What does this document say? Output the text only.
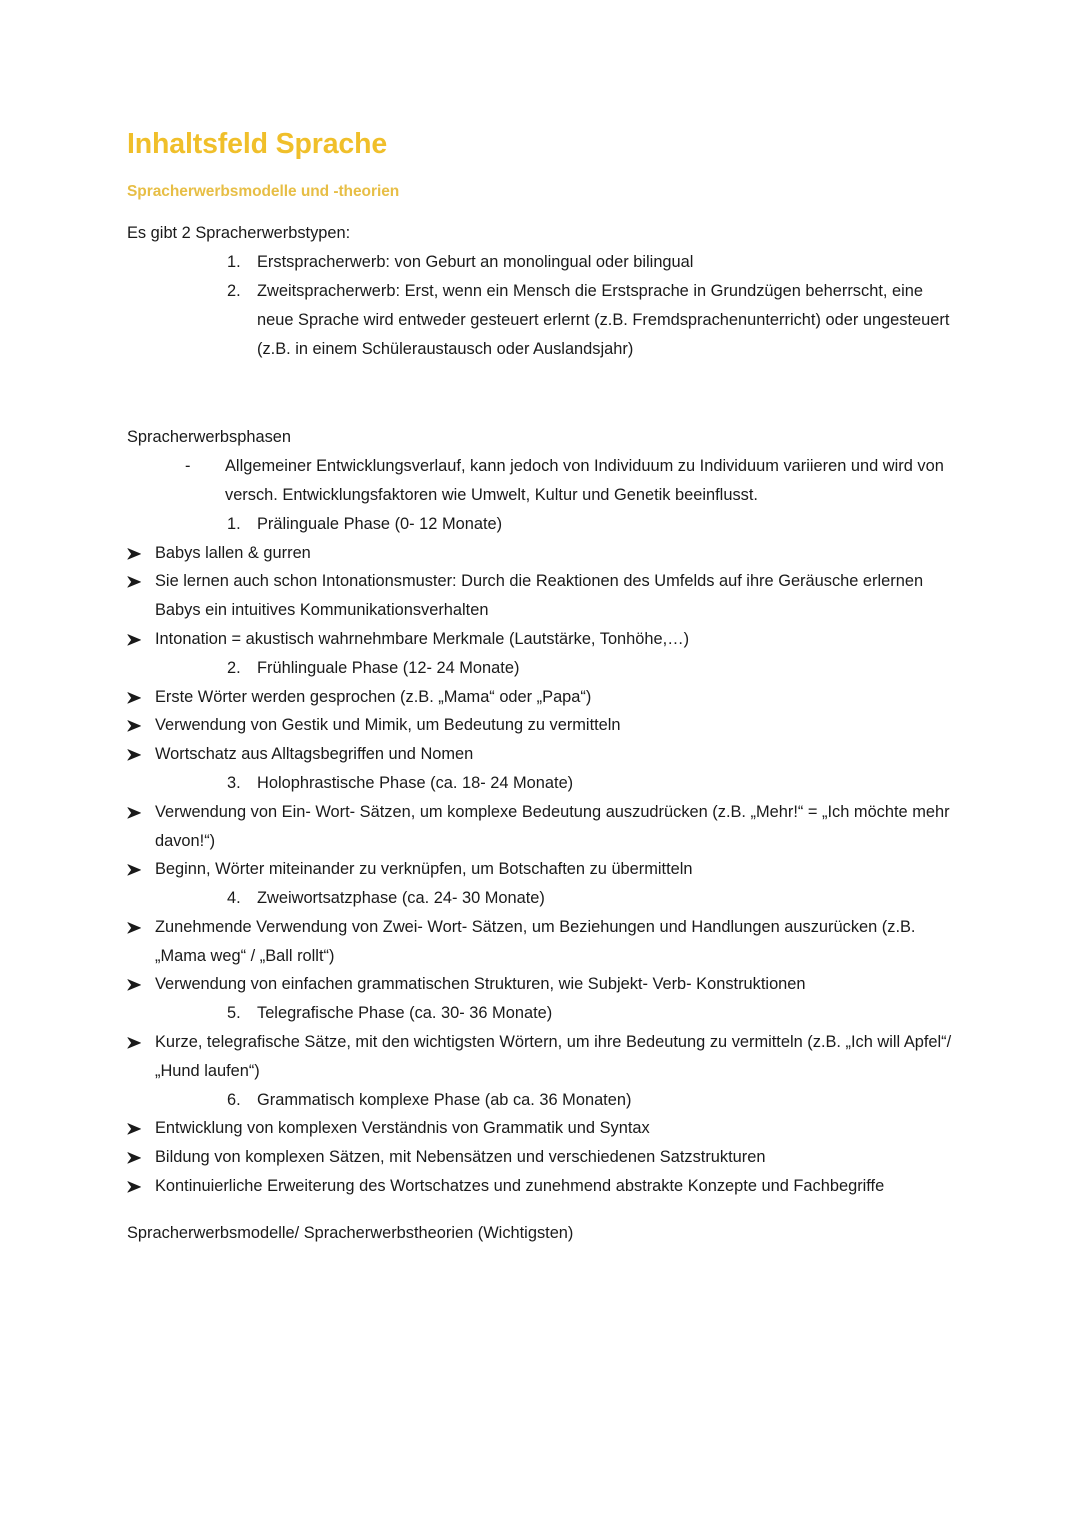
Inhaltsfeld Sprache
Spracherwerbsmodelle und -theorien

Es gibt 2 Spracherwerbstypen:

1. Erstspracherwerb: von Geburt an monolingual oder bilingual
2. Zweitspracherwerb: Erst, wenn ein Mensch die Erstsprache in Grundzügen beherrscht, eine neue Sprache wird entweder gesteuert erlernt (z.B. Fremdsprachenunterricht) oder ungesteuert (z.B. in einem Schüleraustausch oder Auslandsjahr)

Spracherwerbsphasen

- Allgemeiner Entwicklungsverlauf, kann jedoch von Individuum zu Individuum variieren und wird von versch. Entwicklungsfaktoren wie Umwelt, Kultur und Genetik beeinflusst.
1. Prälinguale Phase (0- 12 Monate)
Babys lallen & gurren
Sie lernen auch schon Intonationsmuster: Durch die Reaktionen des Umfelds auf ihre Geräusche erlernen Babys ein intuitives Kommunikationsverhalten
Intonation = akustisch wahrnehmbare Merkmale (Lautstärke, Tonhöhe,…)
2. Frühlinguale Phase (12- 24 Monate)
Erste Wörter werden gesprochen (z.B. „Mama“ oder „Papa“)
Verwendung von Gestik und Mimik, um Bedeutung zu vermitteln
Wortschatz aus Alltagsbegriffen und Nomen
3. Holophrastische Phase (ca. 18- 24 Monate)
Verwendung von Ein- Wort- Sätzen, um komplexe Bedeutung auszudrücken (z.B. „Mehr!“ = „Ich möchte mehr davon!“)
Beginn, Wörter miteinander zu verknüpfen, um Botschaften zu übermitteln
4. Zweiwortsatzphase (ca. 24- 30 Monate)
Zunehmende Verwendung von Zwei- Wort- Sätzen, um Beziehungen und Handlungen auszurücken (z.B. „Mama weg“ / „Ball rollt“)
Verwendung von einfachen grammatischen Strukturen, wie Subjekt- Verb- Konstruktionen
5. Telegrafische Phase (ca. 30- 36 Monate)
Kurze, telegrafische Sätze, mit den wichtigsten Wörtern, um ihre Bedeutung zu vermitteln (z.B. „Ich will Apfel“/ „Hund laufen“)
6. Grammatisch komplexe Phase (ab ca. 36 Monaten)
Entwicklung von komplexen Verständnis von Grammatik und Syntax
Bildung von komplexen Sätzen, mit Nebensätzen und verschiedenen Satzstrukturen
Kontinuierliche Erweiterung des Wortschatzes und zunehmend abstrakte Konzepte und Fachbegriffe

Spracherwerbsmodelle/ Spracherwerbstheorien (Wichtigsten)
